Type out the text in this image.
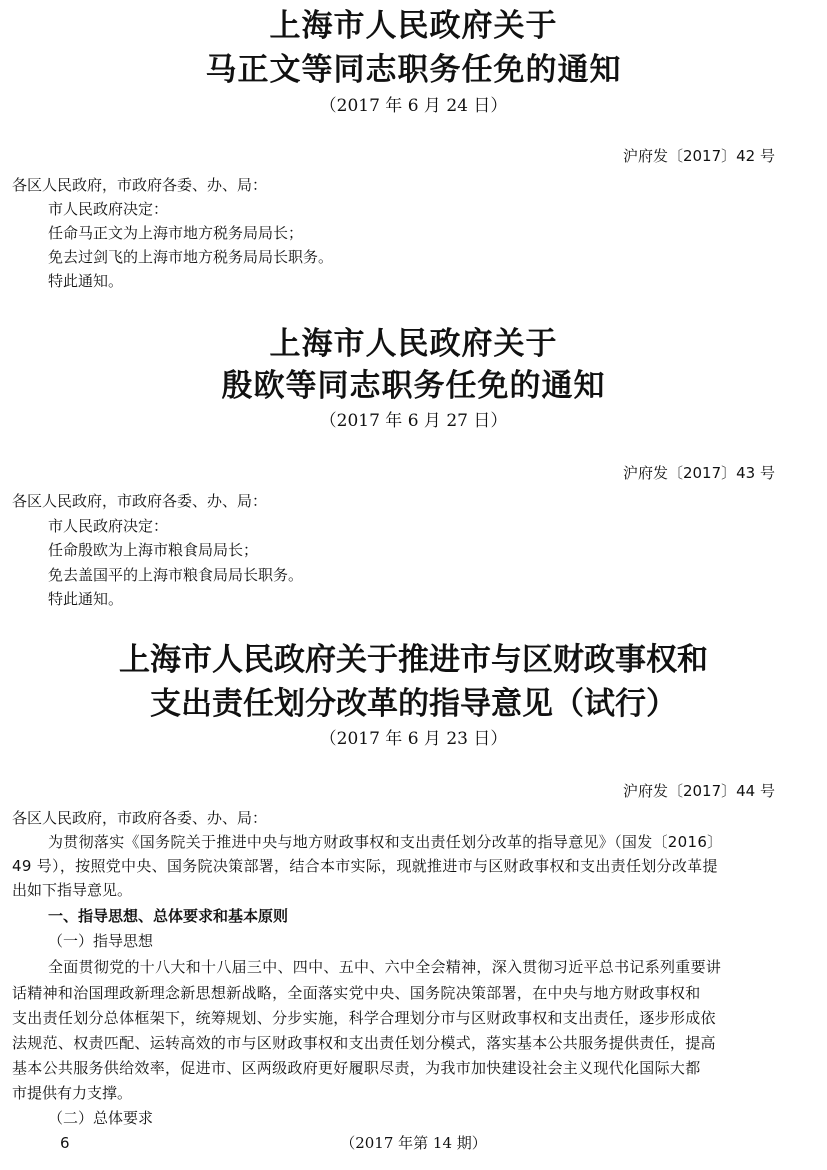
上海市人民政府关于
马正文等同志职务任免的通知
（2017 年 6 月 24 日）
沪府发〔2017〕42 号
各区人民政府，市政府各委、办、局：
市人民政府决定：
任命马正文为上海市地方税务局局长；
免去过剑飞的上海市地方税务局局长职务。
特此通知。
上海市人民政府关于
殷欧等同志职务任免的通知
（2017 年 6 月 27 日）
沪府发〔2017〕43 号
各区人民政府，市政府各委、办、局：
市人民政府决定：
任命殷欧为上海市粮食局局长；
免去盖国平的上海市粮食局局长职务。
特此通知。
上海市人民政府关于推进市与区财政事权和
支出责任划分改革的指导意见（试行）
（2017 年 6 月 23 日）
沪府发〔2017〕44 号
各区人民政府，市政府各委、办、局：
为贯彻落实《国务院关于推进中央与地方财政事权和支出责任划分改革的指导意见》（国发〔2016〕
49 号），按照党中央、国务院决策部署，结合本市实际，现就推进市与区财政事权和支出责任划分改革提
出如下指导意见。
一、指导思想、总体要求和基本原则
（一）指导思想
全面贯彻党的十八大和十八届三中、四中、五中、六中全会精神，深入贯彻习近平总书记系列重要讲
话精神和治国理政新理念新思想新战略，全面落实党中央、国务院决策部署，在中央与地方财政事权和
支出责任划分总体框架下，统筹规划、分步实施，科学合理划分市与区财政事权和支出责任，逐步形成依
法规范、权责匹配、运转高效的市与区财政事权和支出责任划分模式，落实基本公共服务提供责任，提高
基本公共服务供给效率，促进市、区两级政府更好履职尽责，为我市加快建设社会主义现代化国际大都
市提供有力支撑。
（二）总体要求
6	（2017 年第 14 期）
